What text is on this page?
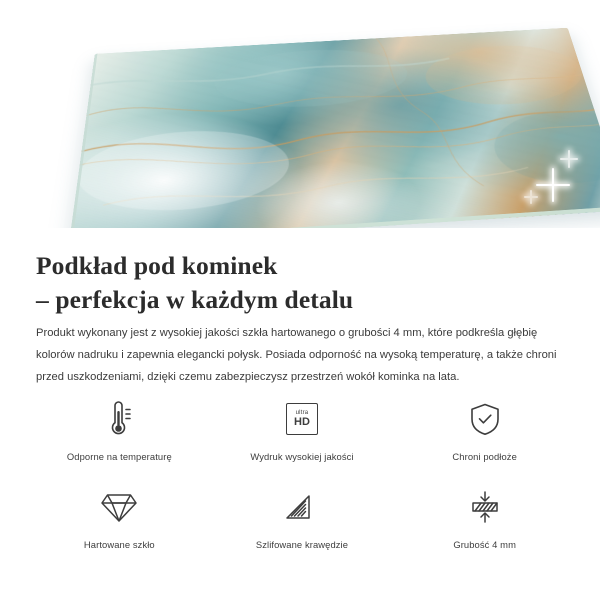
Podkład pod kominek
– perfekcja w każdym detalu

Produkt wykonany jest z wysokiej jakości szkła hartowanego o grubości 4 mm, które podkreśla głębię kolorów nadruku i zapewnia elegancki połysk. Posiada odporność na wysoką temperaturę, a także chroni przed uszkodzeniami, dzięki czemu zabezpieczysz przestrzeń wokół kominka na lata.

Odporne na temperaturę
ultra
HD
Wydruk wysokiej jakości	Chroni podłoże
Hartowane szkło	Szlifowane krawędzie	Grubość 4 mm
